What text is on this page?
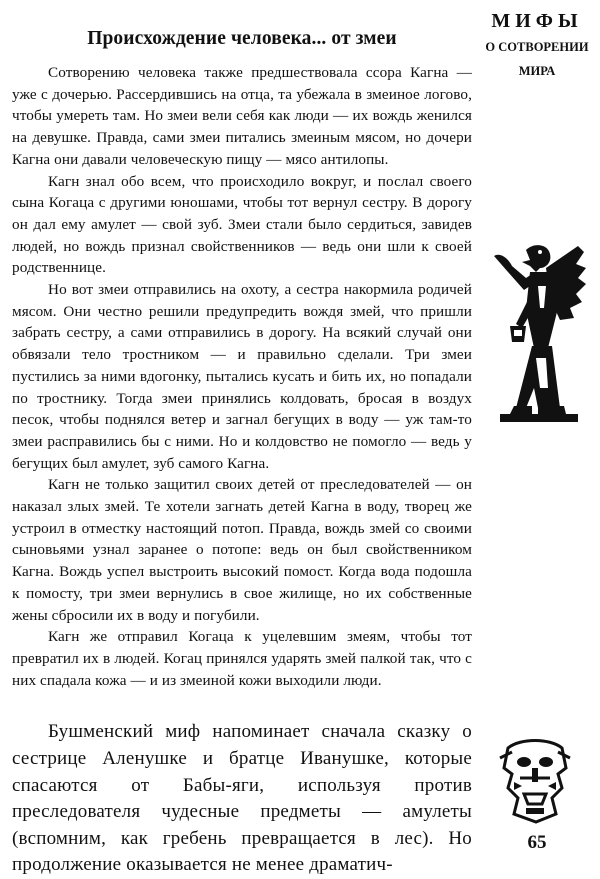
Происхождение человека... от змеи

Сотворению человека также предшествовала ссора Кагна — уже с дочерью. Рассердившись на отца, та убежала в змеиное логово, чтобы умереть там. Но змеи вели себя как люди — их вождь женился на девушке. Правда, сами змеи питались змеиным мясом, но дочери Кагна они давали человеческую пищу — мясо антилопы.

Кагн знал обо всем, что происходило вокруг, и послал своего сына Когаца с другими юношами, чтобы тот вернул сестру. В дорогу он дал ему амулет — свой зуб. Змеи стали было сердиться, завидев людей, но вождь признал свойственников — ведь они шли к своей родственнице.

Но вот змеи отправились на охоту, а сестра накормила родичей мясом. Они честно решили предупредить вождя змей, что пришли забрать сестру, а сами отправились в дорогу. На всякий случай они обвязали тело тростником — и правильно сделали. Три змеи пустились за ними вдогонку, пытались кусать и бить их, но попадали по тростнику. Тогда змеи принялись колдовать, бросая в воздух песок, чтобы поднялся ветер и загнал бегущих в воду — уж там-то змеи расправились бы с ними. Но и колдовство не помогло — ведь у бегущих был амулет, зуб самого Кагна.

Кагн не только защитил своих детей от преследователей — он наказал злых змей. Те хотели загнать детей Кагна в воду, творец же устроил в отместку настоящий потоп. Правда, вождь змей со своими сыновьями узнал заранее о потопе: ведь он был свойственником Кагна. Вождь успел выстроить высокий помост. Когда вода подошла к помосту, три змеи вернулись в свое жилище, но их собственные жены сбросили их в воду и погубили.

Кагн же отправил Когаца к уцелевшим змеям, чтобы тот превратил их в людей. Когац принялся ударять змей палкой так, что с них спадала кожа — и из змеиной кожи выходили люди.

Бушменский миф напоминает сначала сказку о сестрице Аленушке и братце Иванушке, которые спасаются от Бабы-яги, используя против преследователя чудесные предметы — амулеты (вспомним, как гребень превращается в лес). Но продолжение оказывается не менее драматич-

МИФЫ
О СОТВОРЕНИИ
МИРА
65
